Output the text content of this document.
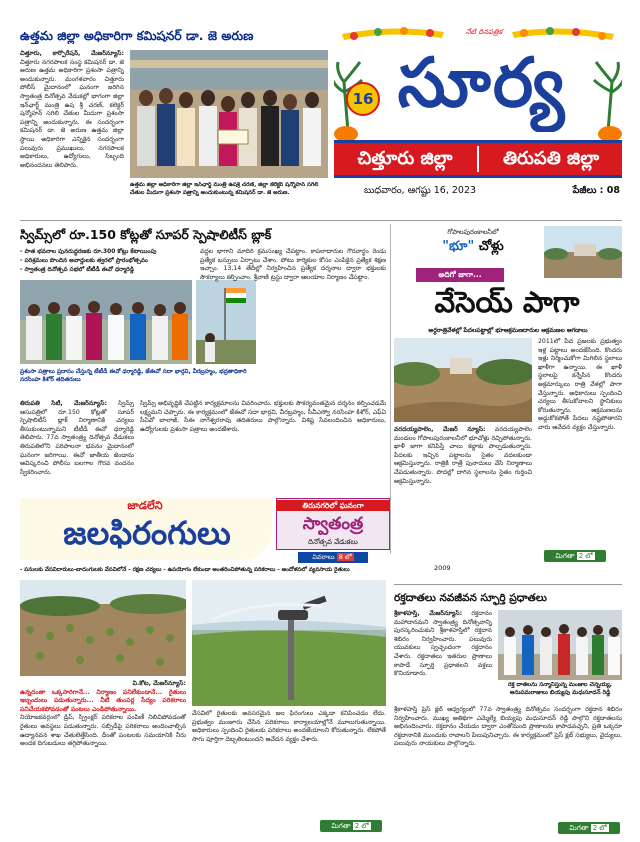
ఉత్తమ జిల్లా అధికారిగా కమిషనర్ డా. జె అరుణ
చిత్తూరు, కార్పొరేషన్, మేజర్‌న్యూస్: చిత్తూరు నగరపాలక సంస్థ కమిషనర్ డా. జె అరుణ ఉత్తమ అధికారిగా ప్రశంసా పత్రాన్ని అందుకున్నారు. మంగళవారం చిత్తూరు పోలీస్ మైదానంలో ఘనంగా జరిగిన స్వాతంత్ర దినోత్సవ వేడుకల్లో భాగంగా జిల్లా ఇన్‌ఛార్జ్ మంత్రి ఉష శ్రీ చరణ్, కలెక్టర్ షన్మోహన్ సగిలి చేతుల మీదుగా ప్రశంసా పత్రాన్ని అందుకున్నారు. ఈ సందర్భంగా కమిషనర్ డా. జె అరుణ ఉత్తమ జిల్లా స్థాయి అధికారిగా ఎన్నికైన సందర్భంగా పలువురు ప్రముఖులు, నగరపాలక అధికారులు, ఉద్యోగులు, సిబ్బంది అభినందనలు తెలిపారు.
ఉత్తమ జిల్లా అధికారిగా జిల్లా ఇన్‌ఛార్జ్ మంత్రి ఉషశ్రీ చరణ్, జిల్లా కలెక్టర్ షన్మోహన్ సగిలి చేతుల మీదుగా ప్రశంసా పత్రాన్ని అందుకుంటున్న కమిషనర్ డా. జె అరుణ.
16
నేటి దినపత్రిక
సూర్య
చిత్తూరు జిల్లా	తిరుపతి జిల్లా
బుధవారం, ఆగష్టు 16, 2023	పేజీలు : 08
స్విమ్స్‌లో రూ.150 కోట్లతో సూపర్ స్పెషాలిటీస్ బ్లాక్
- పాత భవనాల పునరుద్ధరణకు రూ.300 కోట్లు కేటాయింపు
- పరిశ్రమలు పొందిన అవార్డులకు త్వరలో ప్రారంభోత్సవం
- స్వాతంత్ర దినోత్సవ సభలో టీటీడీ ఈవో ధర్మారెడ్డి
ప్రశంసా పత్రాలు ప్రదానం చేస్తున్న టీటీడీ ఈవో ధర్మారెడ్డి, జేఈవో సదా భార్గవి, వీరబ్రహ్మం, భద్రతాధికారి నరసింహ కిశోర్ తదితరులు
తిరుపతి సిటీ, మేజర్‌న్యూస్: స్విమ్స్ ఆసుపత్రిలో రూ.150 కోట్లతో సూపర్ స్పెషాలిటీస్ బ్లాక్ నిర్మాణానికి చర్యలు తీసుకుంటున్నామని టీటీడీ ఈవో ధర్మారెడ్డి తెలిపారు. 77వ స్వాతంత్ర్య దినోత్సవ వేడుకలు తిరుపతిలోని పరిపాలనా భవనం మైదానంలో ఘనంగా జరిగాయి. ఈవో జాతీయ జెండాను ఆవిష్కరించి పోలీసు బలగాల గౌరవ వందనం స్వీకరించారు.
వద్దల భాగాని మాదిరి క్రమసంఖ్య చేపట్టాం. కాపలాదారుల గౌరవార్థం రెండు ప్రత్యేక బస్సులు ఏర్పాటు చేశాం. పోటు కార్మికుల కోసం ఎంపికైన ప్రత్యేక శిక్షణ ఇచ్చాం. 13,14 తేదీల్లో నిర్వహించిన ప్రత్యేక దర్శనాల ద్వారా భక్తులకు సౌకర్యాలు కల్పించాం. శ్రీవాణి ట్రస్టు ద్వారా ఆలయాల నిర్మాణం చేపట్టాం.
స్విమ్స్ అభివృద్ధికి చేపట్టిన కార్యక్రమాలను వివరించారు. భక్తులకు సౌకర్యవంతమైన దర్శనం కల్పించడమే లక్ష్యమని చెప్పారు. ఈ కార్యక్రమంలో జేఈవో సదా భార్గవి, వీరబ్రహ్మం, సీవీఎస్వో నరసింహ కిశోర్, ఎఫ్‌ఏ సీఏవో బాలాజీ, సీఈ నాగేశ్వరరావు తదితరులు పాల్గొన్నారు. విశిష్ట సేవలందించిన అధికారులు, ఉద్యోగులకు ప్రశంసా పత్రాలు అందజేశారు.
గోపాలపురంకాలనీలో
"భూ" చోళ్లు
అదిగో జాగా...
వేసెయ్ పాగా
అర్ధరాత్రివేళల్లో పేదలపట్టాల్లో భూఆక్రమణదారుల ఆక్రమణల ఆగడాలు
2011లో పేద ప్రజలకు ప్రభుత్వం ఇళ్ల పట్టాలు అందజేసింది. కొందరు ఇళ్లు నిర్మించుకోగా మిగిలిన స్థలాలు ఖాళీగా ఉన్నాయి. ఈ ఖాళీ స్థలాలపై కన్నేసిన కొందరు అక్రమార్కులు రాత్రి వేళల్లో పాగా వేస్తున్నారు. అధికారులు స్పందించి చర్యలు తీసుకోవాలని స్థానికులు కోరుతున్నారు. ఆక్రమణలను అడ్డుకోకపోతే పేదలు నష్టపోతారని వారు ఆవేదన వ్యక్తం చేస్తున్నారు.
వరదయ్యపాలెం, మేజర్ న్యూస్: వరదయ్యపాలెం మండలం గోపాలపురంకాలనీలో భూచోళ్లు రెచ్చిపోతున్నారు. ఖాళీ జాగా కనిపిస్తే చాలు కబ్జాకు పాల్పడుతున్నారు. పేదలకు ఇచ్చిన పట్టాలను సైతం వదలకుండా ఆక్రమిస్తున్నారు. రాత్రికి రాత్రే పునాదులు వేసి నిర్మాణాలు చేపడుతున్నారు. పొదల్లో దాగిన స్థలాలను సైతం గుర్తించి ఆక్రమిస్తున్నారు.
2009
మిగతా 2 లో
తిరునగరిలో ఘనంగా
స్వాతంత్ర
దినోత్సవ వేడుకలు
వివరాలు 8 లో
జాడలేని
జలఫిరంగులు
- పనులకు వేసవిదారులు-బాదంగులకు వేసవిలోనే - రక్షణ చర్యలు - ఉపయోగం లేకుండా అంతరించిపోతున్న పరికరాలు - అందోళనలో వ్యవసాయ రైతులు
వి.కోట, మేజర్‌న్యూస్:
ఉన్నదంతా ఒక్కసారిగానే... నిర్మాణం పనిలేకుండానే... రైతులు ఇబ్బందులు పడుతున్నారు... నీటి తుంపర్ల సేద్యం పరికరాలు పనిచేయకపోవడంతో పంటలు ఎండిపోతున్నాయి.
నియోజకవర్గంలో డ్రిప్, స్ప్రింక్లర్ పరికరాల పంపిణీ నిలిచిపోవడంతో రైతులు అవస్థలు పడుతున్నారు. సబ్సిడీపై పరికరాలు అందించాల్సిన ఉద్యానవన శాఖ చేతులెత్తేసింది. దీంతో పంటలకు సమయానికి నీరు అందక దిగుబడులు తగ్గిపోతున్నాయి.
వేసవిలో రైతులకు అవసరమైన జల ఫిరంగులు ఎక్కడా కనిపించడం లేదు. ప్రభుత్వం మంజూరు చేసిన పరికరాలు కార్యాలయాల్లోనే మూలుగుతున్నాయి. అధికారులు స్పందించి రైతులకు పరికరాలు అందజేయాలని కోరుతున్నారు. లేకపోతే సాగు పూర్తిగా దెబ్బతింటుందని ఆవేదన వ్యక్తం చేశారు.
మిగతా 2 లో
రక్తదాతలు నవజీవన స్ఫూర్తి ప్రధాతలు
శ్రీకాళహస్తి, మేజర్‌న్యూస్: రక్తదానం మహాదానమని స్వాతంత్ర్య దినోత్సవాన్ని పురస్కరించుకుని శ్రీకాళహస్తిలో రక్తదాన శిబిరం నిర్వహించారు. పలువురు యువకులు స్వచ్ఛందంగా రక్తదానం చేశారు. రక్తదాతలు ఇతరుల ప్రాణాలు కాపాడే స్ఫూర్తి ప్రధాతలని వక్తలు కొనియాడారు.
రక్త దాతలను సన్మానిస్తున్న మంజుల చెన్నయ్య, అనుపమరాజులు బియ్యపు మధుసూదన్ రెడ్డి
శ్రీకాళహస్తి ప్రెస్ క్లబ్ ఆధ్వర్యంలో 77వ స్వాతంత్ర్య దినోత్సవం సందర్భంగా రక్తదాన శిబిరం నిర్వహించారు. ముఖ్య అతిథిగా ఎమ్మెల్యే బియ్యపు మధుసూదన్ రెడ్డి పాల్గొని రక్తదాతలను అభినందించారు. రక్తదానం చేయడం ద్వారా ఎంతోమంది ప్రాణాలను కాపాడవచ్చని, ప్రతి ఒక్కరూ రక్తదానానికి ముందుకు రావాలని పిలుపునిచ్చారు. ఈ కార్యక్రమంలో ప్రెస్ క్లబ్ సభ్యులు, వైద్యులు, పలువురు నాయకులు పాల్గొన్నారు.
మిగతా 2 లో
